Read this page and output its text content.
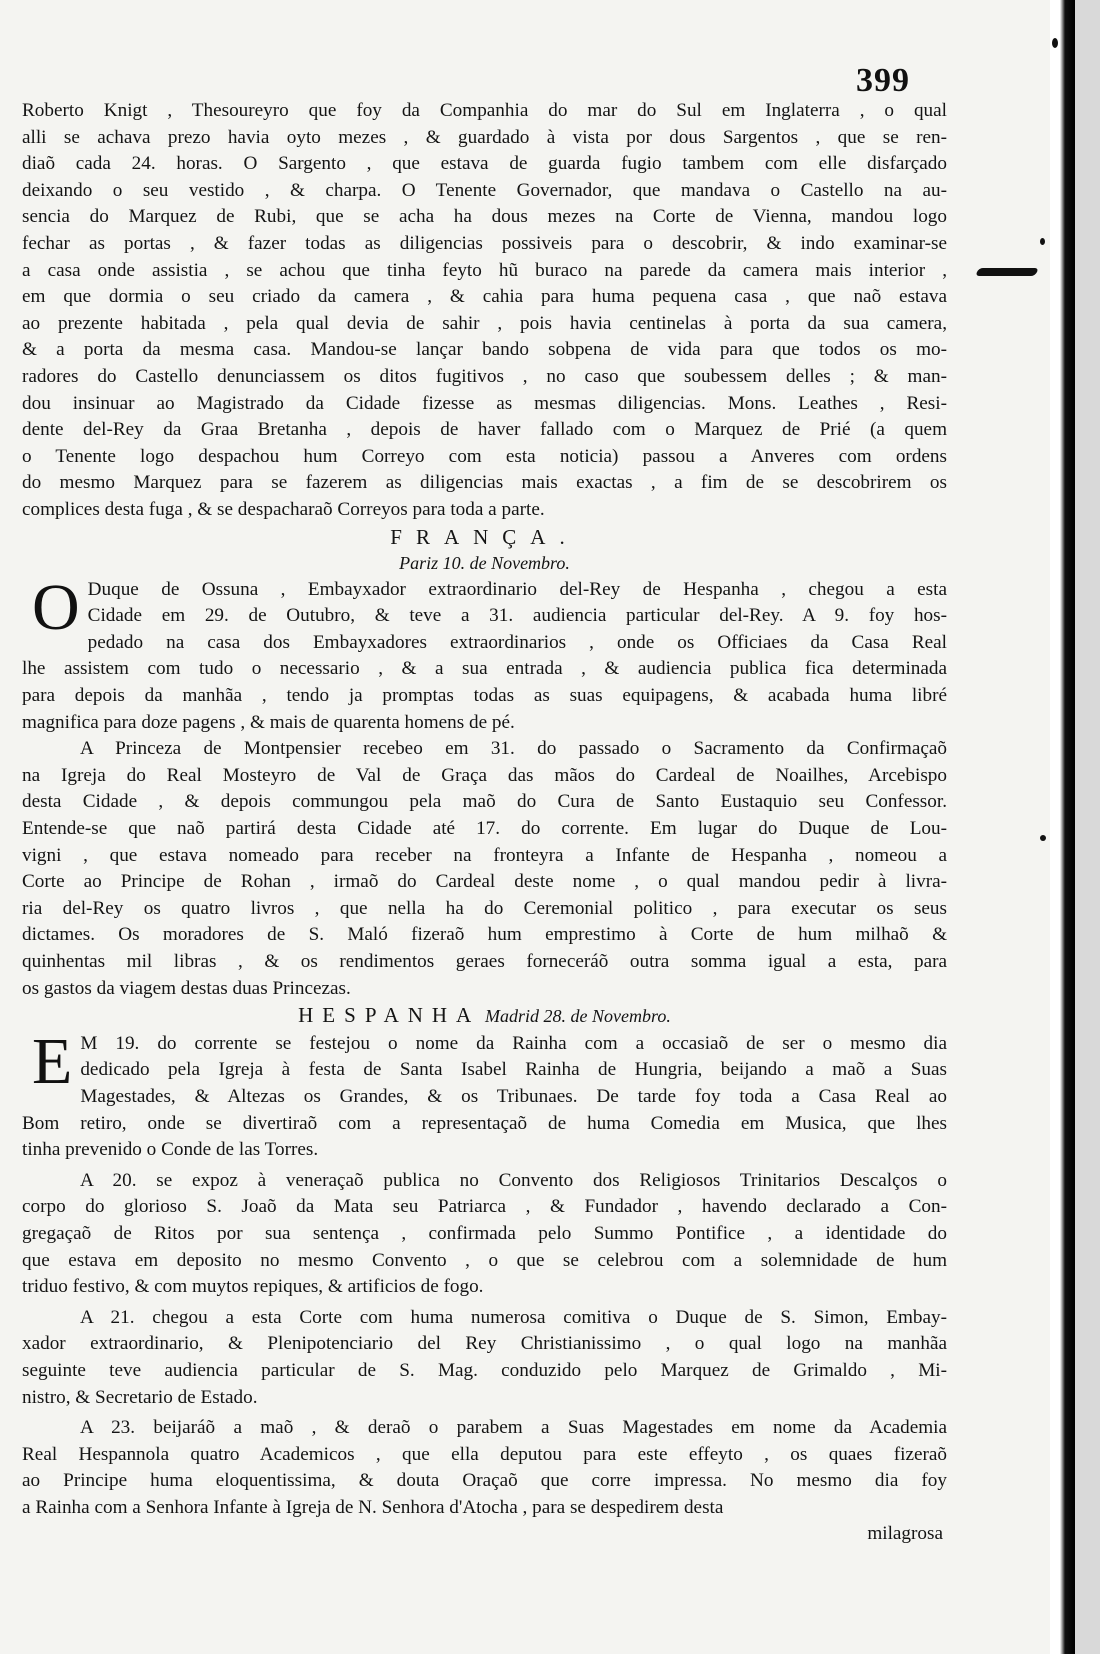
399
Roberto Knigt , Thesoureyro que foy da Companhia do mar do Sul em Inglaterra , o qual
alli se achava prezo havia oyto mezes , & guardado à vista por dous Sargentos , que se ren-
diaõ cada 24. horas. O Sargento , que estava de guarda fugio tambem com elle disfarçado
deixando o seu vestido , & charpa. O Tenente Governador, que mandava o Castello na au-
sencia do Marquez de Rubi, que se acha ha dous mezes na Corte de Vienna, mandou logo
fechar as portas , & fazer todas as diligencias possiveis para o descobrir, & indo examinar-se
a casa onde assistia , se achou que tinha feyto hũ buraco na parede da camera mais interior ,
em que dormia o seu criado da camera , & cahia para huma pequena casa , que naõ estava
ao prezente habitada , pela qual devia de sahir , pois havia centinelas à porta da sua camera,
& a porta da mesma casa. Mandou-se lançar bando sobpena de vida para que todos os mo-
radores do Castello denunciassem os ditos fugitivos , no caso que soubessem delles ; & man-
dou insinuar ao Magistrado da Cidade fizesse as mesmas diligencias. Mons. Leathes , Resi-
dente del-Rey da Graa Bretanha , depois de haver fallado com o Marquez de Prié (a quem
o Tenente logo despachou hum Correyo com esta noticia) passou a Anveres com ordens
do mesmo Marquez para se fazerem as diligencias mais exactas , a fim de se descobrirem os
complices desta fuga , & se despacharaõ Correyos para toda a parte.
FRANÇA.
Pariz 10. de Novembro.
O Duque de Ossuna , Embayxador extraordinario del-Rey de Hespanha , chegou a esta
Cidade em 29. de Outubro, & teve a 31. audiencia particular del-Rey. A 9. foy hos-
pedado na casa dos Embayxadores extraordinarios , onde os Officiaes da Casa Real
lhe assistem com tudo o necessario , & a sua entrada , & audiencia publica fica determinada
para depois da manhãa , tendo ja promptas todas as suas equipagens, & acabada huma libré
magnifica para doze pagens , & mais de quarenta homens de pé.
A Princeza de Montpensier recebeo em 31. do passado o Sacramento da Confirmaçaõ
na Igreja do Real Mosteyro de Val de Graça das mãos do Cardeal de Noailhes, Arcebispo
desta Cidade , & depois commungou pela maõ do Cura de Santo Eustaquio seu Confessor.
Entende-se que naõ partirá desta Cidade até 17. do corrente. Em lugar do Duque de Lou-
vigni , que estava nomeado para receber na fronteyra a Infante de Hespanha , nomeou a
Corte ao Principe de Rohan , irmaõ do Cardeal deste nome , o qual mandou pedir à livra-
ria del-Rey os quatro livros , que nella ha do Ceremonial politico , para executar os seus
dictames. Os moradores de S. Maló fizeraõ hum emprestimo à Corte de hum milhaõ &
quinhentas mil libras , & os rendimentos geraes forneceráõ outra somma igual a esta, para
os gastos da viagem destas duas Princezas.
HESPANHA Madrid 28. de Novembro.
E M 19. do corrente se festejou o nome da Rainha com a occasiaõ de ser o mesmo dia
dedicado pela Igreja à festa de Santa Isabel Rainha de Hungria, beijando a maõ a Suas
Magestades, & Altezas os Grandes, & os Tribunaes. De tarde foy toda a Casa Real ao
Bom retiro, onde se divertiraõ com a representaçaõ de huma Comedia em Musica, que lhes
tinha prevenido o Conde de las Torres.
A 20. se expoz à veneraçaõ publica no Convento dos Religiosos Trinitarios Descalços o
corpo do glorioso S. Joaõ da Mata seu Patriarca , & Fundador , havendo declarado a Con-
gregaçaõ de Ritos por sua sentença , confirmada pelo Summo Pontifice , a identidade do
que estava em deposito no mesmo Convento , o que se celebrou com a solemnidade de hum
triduo festivo, & com muytos repiques, & artificios de fogo.
A 21. chegou a esta Corte com huma numerosa comitiva o Duque de S. Simon, Embay-
xador extraordinario, & Plenipotenciario del Rey Christianissimo , o qual logo na manhãa
seguinte teve audiencia particular de S. Mag. conduzido pelo Marquez de Grimaldo , Mi-
nistro, & Secretario de Estado.
A 23. beijaráõ a maõ , & deraõ o parabem a Suas Magestades em nome da Academia
Real Hespannola quatro Academicos , que ella deputou para este effeyto , os quaes fizeraõ
ao Principe huma eloquentissima, & douta Oraçaõ que corre impressa. No mesmo dia foy
a Rainha com a Senhora Infante à Igreja de N. Senhora d'Atocha , para se despedirem desta
milagrosa
